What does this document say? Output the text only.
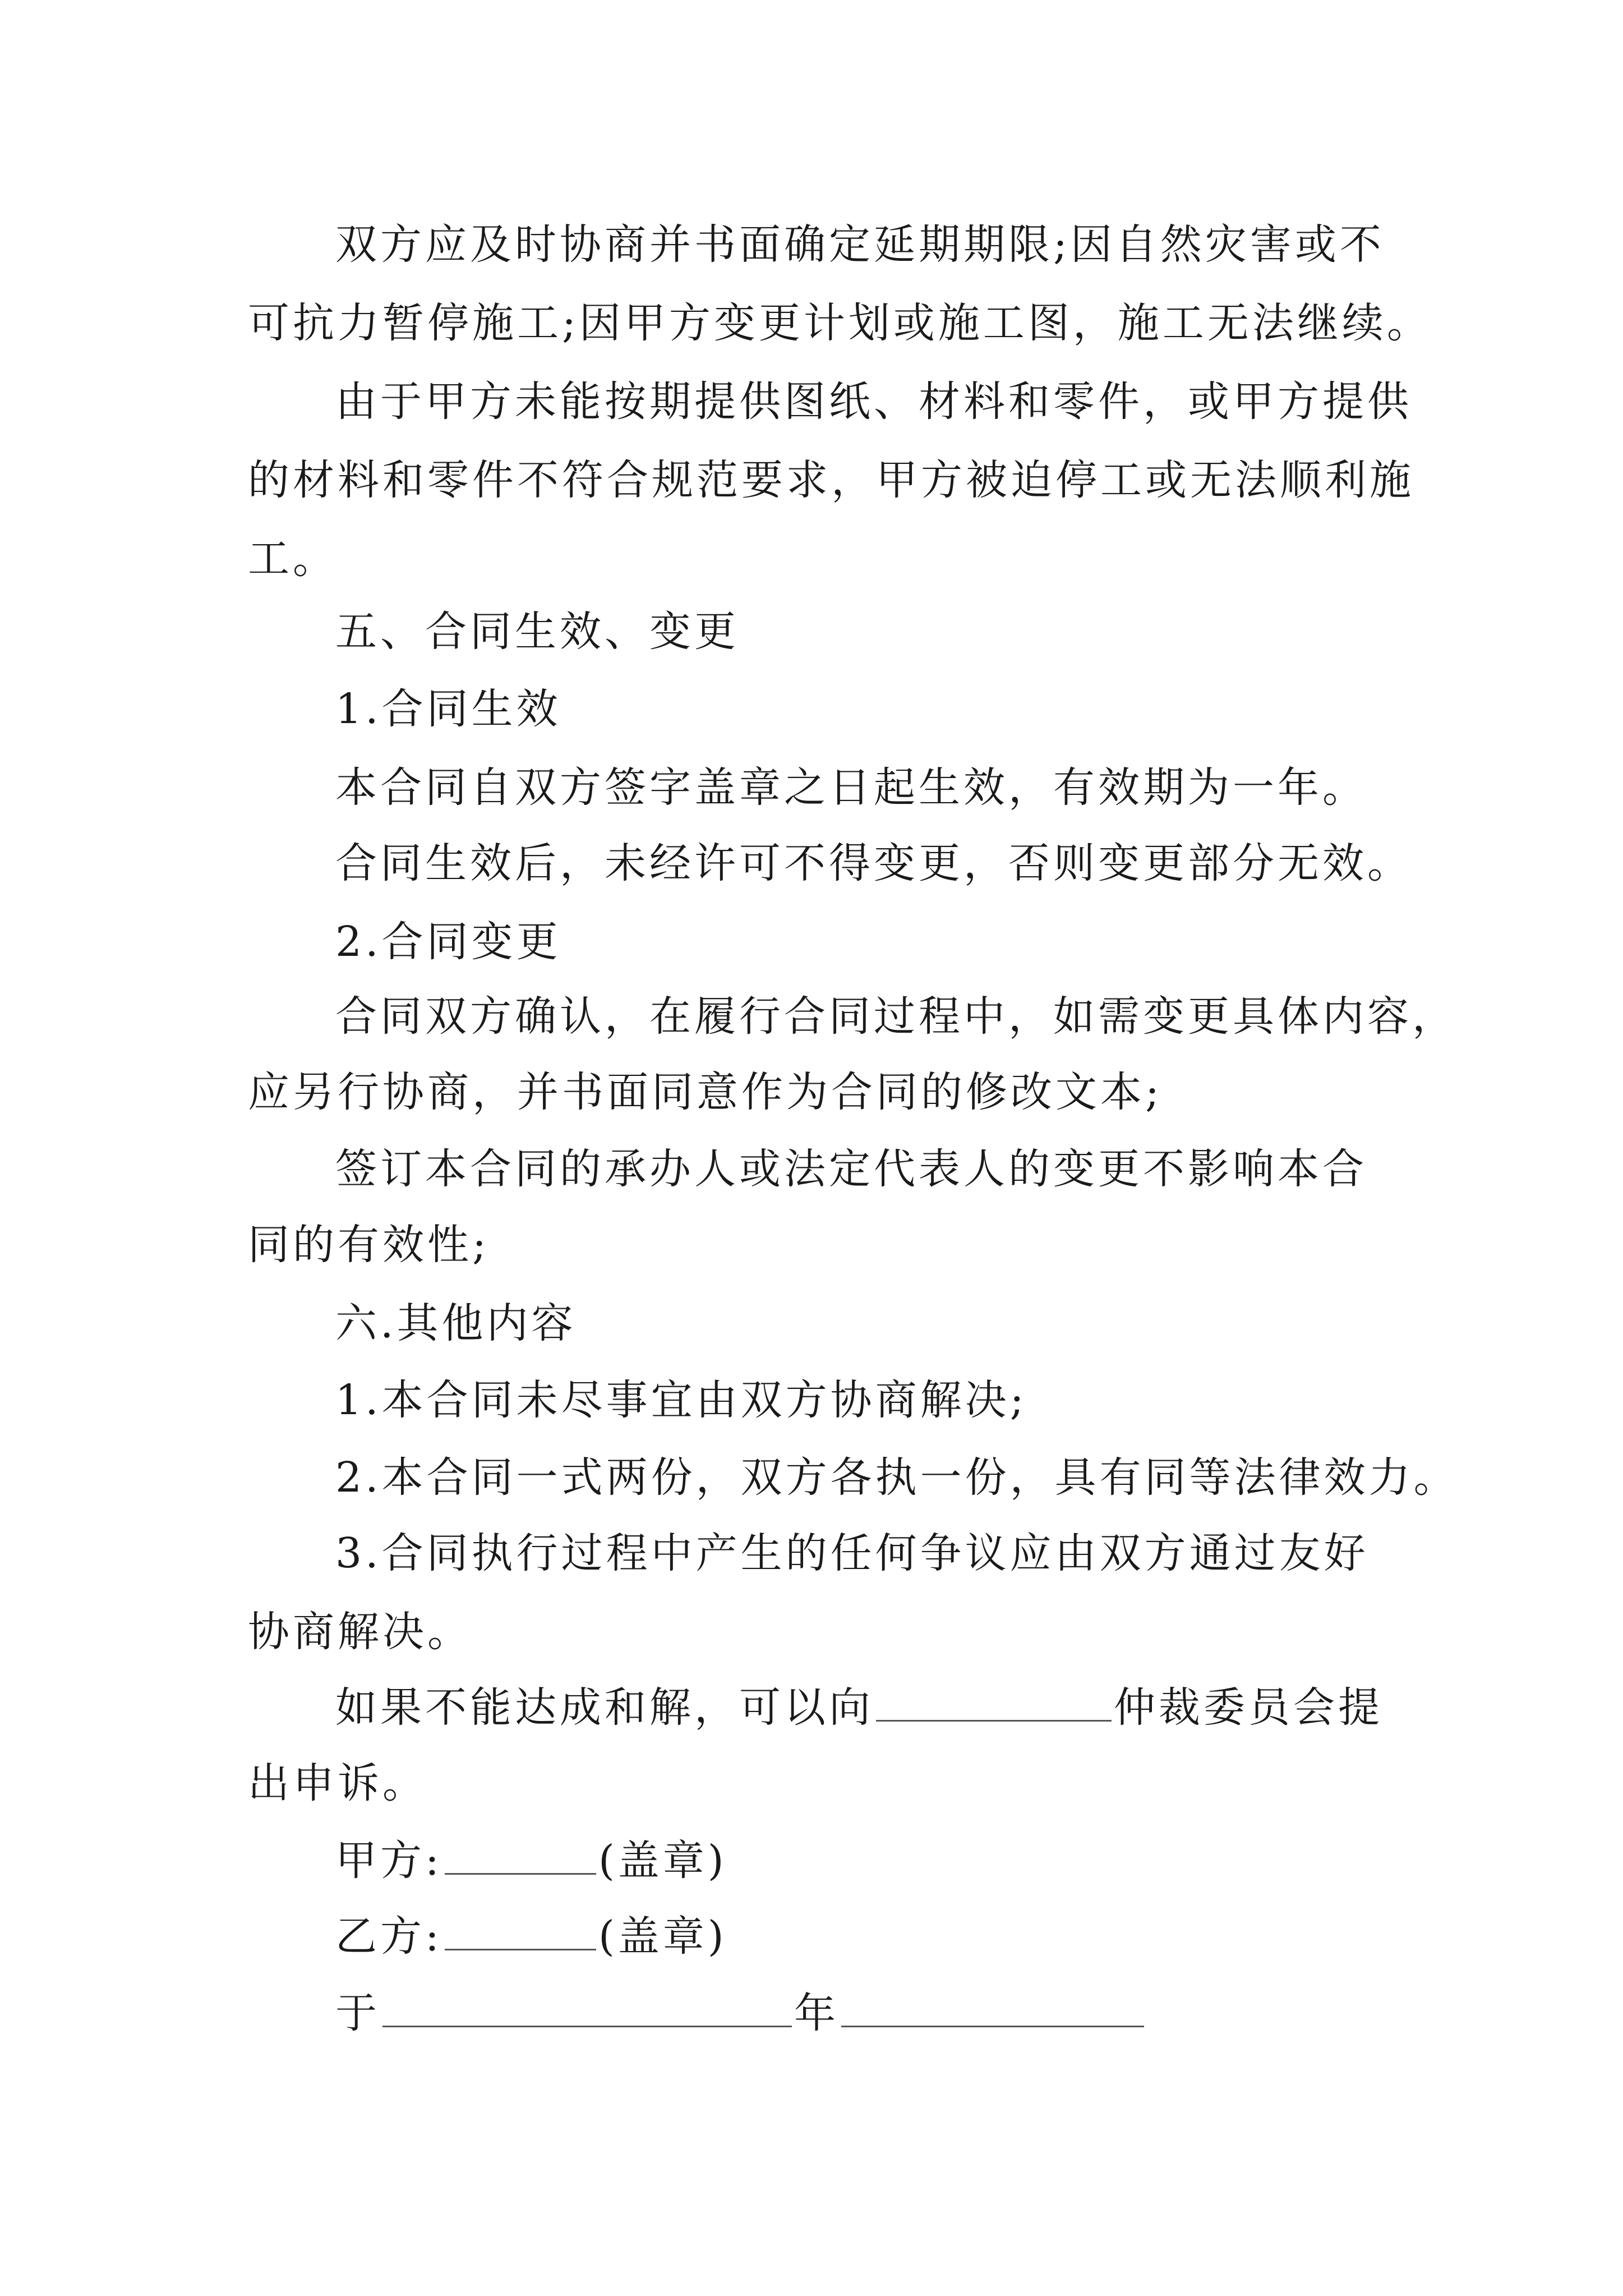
双方应及时协商并书面确定延期期限;因自然灾害或不
可抗力暂停施工;因甲方变更计划或施工图，施工无法继续。
由于甲方未能按期提供图纸、材料和零件，或甲方提供
的材料和零件不符合规范要求，甲方被迫停工或无法顺利施
工。
五、合同生效、变更
1.合同生效
本合同自双方签字盖章之日起生效，有效期为一年。
合同生效后，未经许可不得变更，否则变更部分无效。
2.合同变更
合同双方确认，在履行合同过程中，如需变更具体内容，
应另行协商，并书面同意作为合同的修改文本;
签订本合同的承办人或法定代表人的变更不影响本合
同的有效性;
六.其他内容
1.本合同未尽事宜由双方协商解决;
2.本合同一式两份，双方各执一份，具有同等法律效力。
3.合同执行过程中产生的任何争议应由双方通过友好
协商解决。
如果不能达成和解，可以向	仲裁委员会提
出申诉。
甲方:	(盖章)
乙方:	(盖章)
于	年
